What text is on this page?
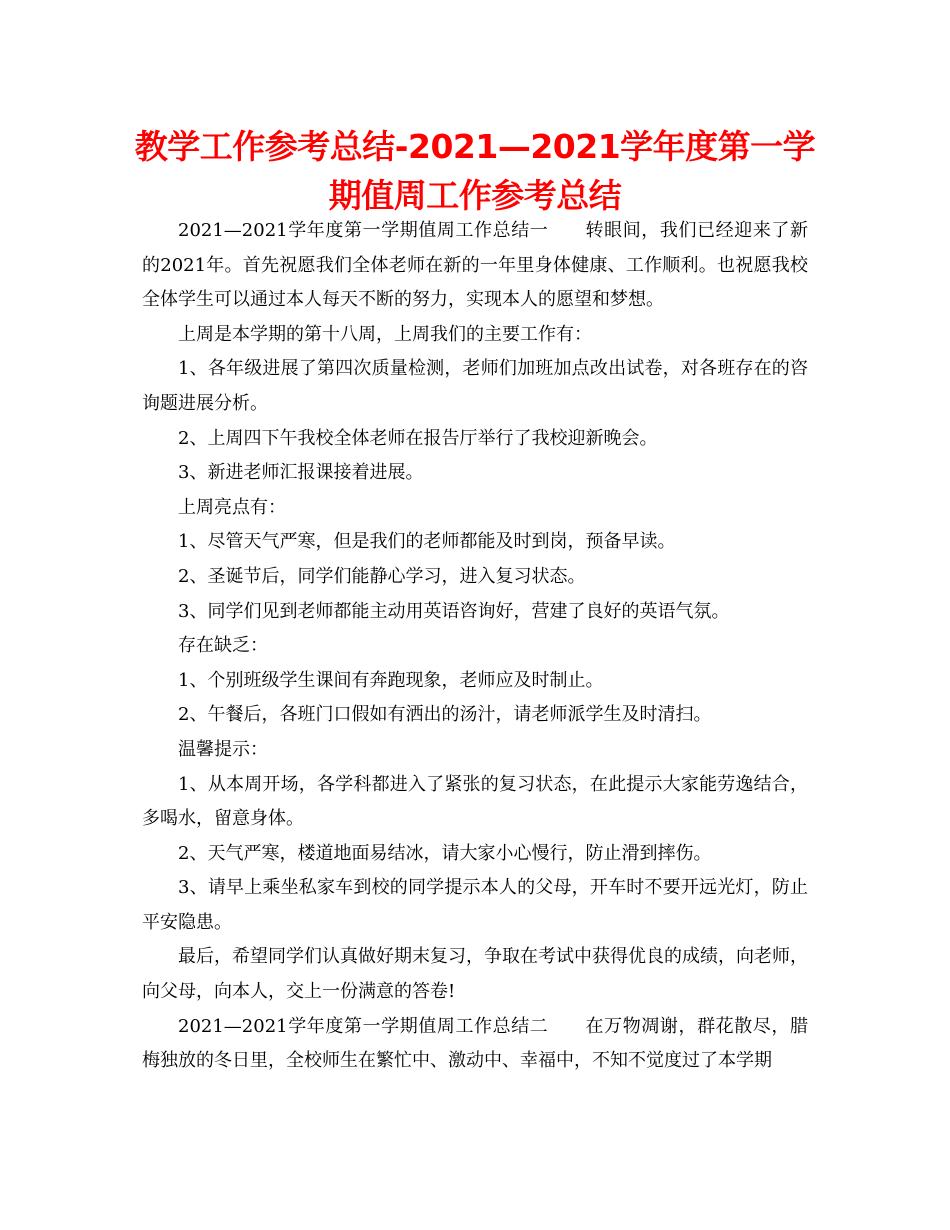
教学工作参考总结-2021—2021学年度第一学期值周工作参考总结

2021—2021学年度第一学期值周工作总结一　　转眼间，我们已经迎来了新的2021年。首先祝愿我们全体老师在新的一年里身体健康、工作顺利。也祝愿我校全体学生可以通过本人每天不断的努力，实现本人的愿望和梦想。

上周是本学期的第十八周，上周我们的主要工作有：

1、各年级进展了第四次质量检测，老师们加班加点改出试卷，对各班存在的咨询题进展分析。

2、上周四下午我校全体老师在报告厅举行了我校迎新晚会。

3、新进老师汇报课接着进展。

上周亮点有：

1、尽管天气严寒，但是我们的老师都能及时到岗，预备早读。

2、圣诞节后，同学们能静心学习，进入复习状态。

3、同学们见到老师都能主动用英语咨询好，营建了良好的英语气氛。

存在缺乏：

1、个别班级学生课间有奔跑现象，老师应及时制止。

2、午餐后，各班门口假如有洒出的汤汁，请老师派学生及时清扫。

温馨提示：

1、从本周开场，各学科都进入了紧张的复习状态，在此提示大家能劳逸结合，多喝水，留意身体。

2、天气严寒，楼道地面易结冰，请大家小心慢行，防止滑到摔伤。

3、请早上乘坐私家车到校的同学提示本人的父母，开车时不要开远光灯，防止平安隐患。

最后，希望同学们认真做好期末复习，争取在考试中获得优良的成绩，向老师，向父母，向本人，交上一份满意的答卷!

2021—2021学年度第一学期值周工作总结二　　在万物凋谢，群花散尽，腊梅独放的冬日里，全校师生在繁忙中、激动中、幸福中，不知不觉度过了本学期
